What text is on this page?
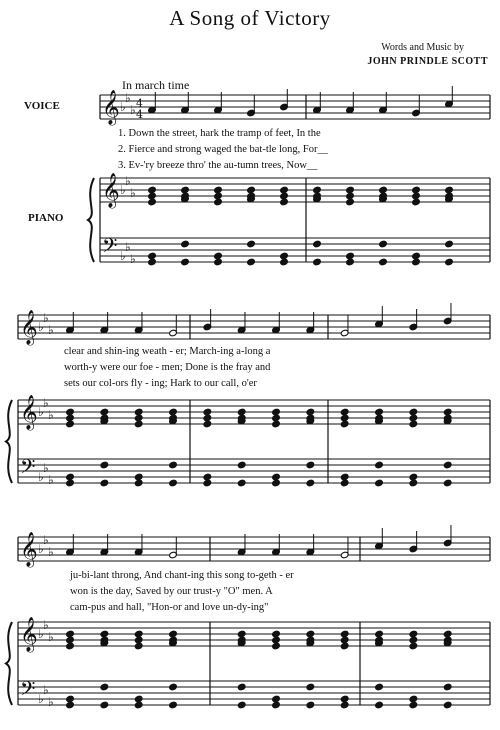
A Song of Victory
Words and Music by
JOHN PRINDLE SCOTT
In march time
VOICE
PIANO
1. Down the street, hark the tramp of feet, In the
2. Fierce and strong waged the bat-tle long, For__
3. Ev-'ry breeze thro' the au-tumn trees, Now__
clear and shin-ing weath - er; March-ing a-long a
worth-y were our foe - men; Done is the fray and
sets our col-ors fly - ing; Hark to our call, o'er
ju-bi-lant throng, And chant-ing this song to-geth - er
won is the day, Saved by our trust-y "O" men. A
cam-pus and hall, "Hon-or and love un-dy-ing"
𝄞
𝄞
𝄢
♭
♭
♭
♭
♭
♭
♭
♭
♭
4
4
𝄞
𝄞
𝄢
♭
♭
♭
♭
♭
♭
♭
♭
♭
𝄞
𝄞
𝄢
♭
♭
♭
♭
♭
♭
♭
♭
♭
